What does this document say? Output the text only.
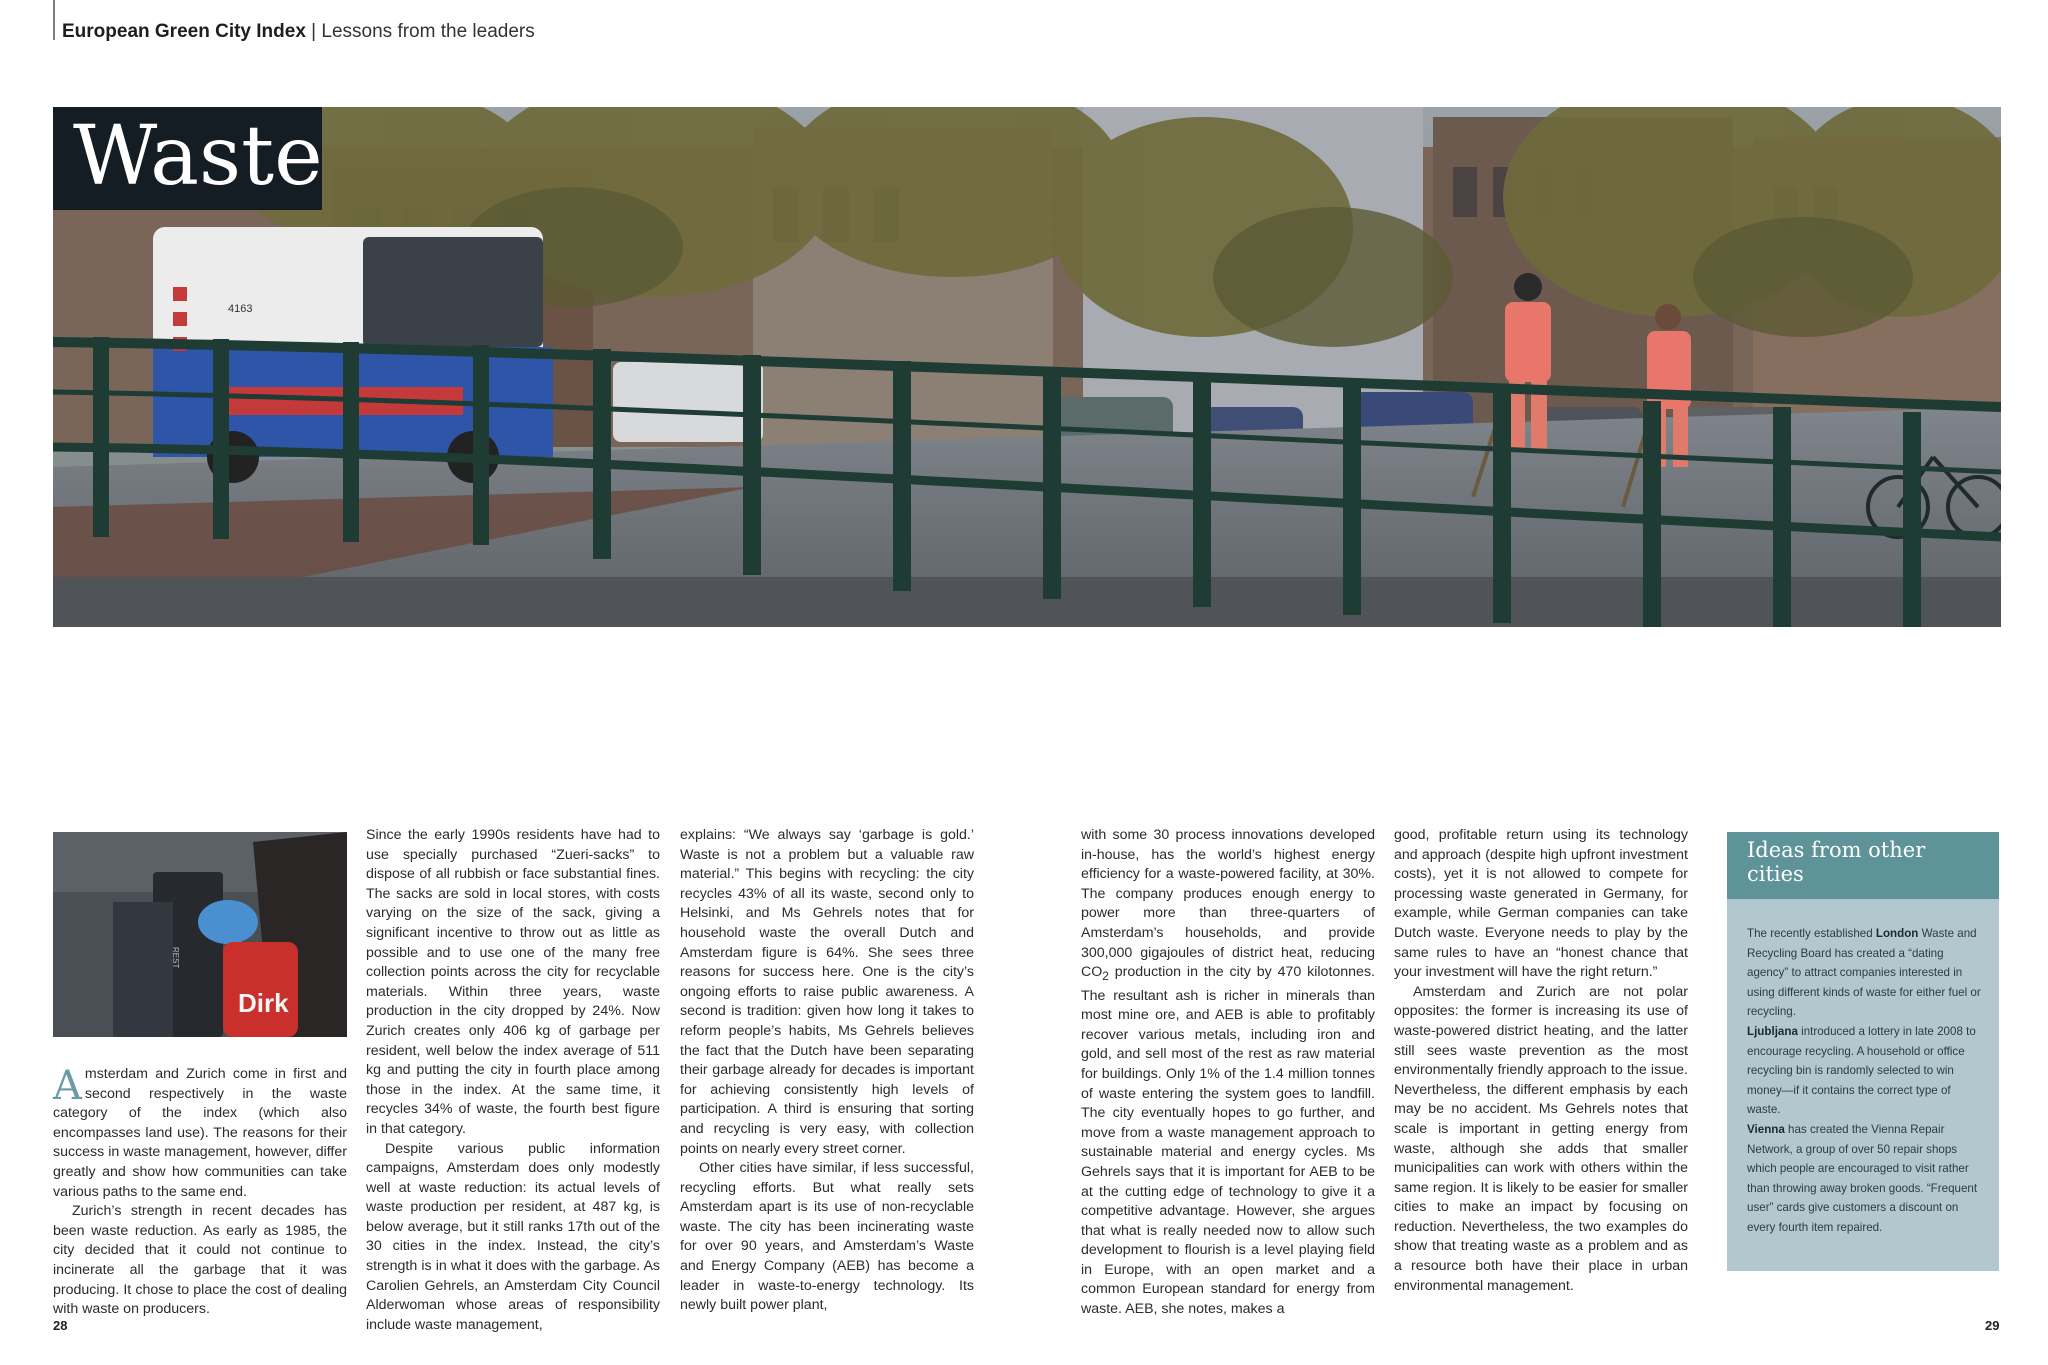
European Green City Index | Lessons from the leaders
4163
Waste
REST
Dirk

Amsterdam and Zurich come in first and second respectively in the waste category of the index (which also encompasses land use). The reasons for their success in waste management, however, differ greatly and show how communities can take various paths to the same end.

Zurich’s strength in recent decades has been waste reduction. As early as 1985, the city decided that it could not continue to incinerate all the garbage that it was producing. It chose to place the cost of dealing with waste on producers.

Since the early 1990s residents have had to use specially purchased “Zueri-sacks” to dispose of all rubbish or face substantial fines. The sacks are sold in local stores, with costs varying on the size of the sack, giving a significant incentive to throw out as little as possible and to use one of the many free collection points across the city for recyclable materials. Within three years, waste production in the city dropped by 24%. Now Zurich creates only 406 kg of garbage per resident, well below the index average of 511 kg and putting the city in fourth place among those in the index. At the same time, it recycles 34% of waste, the fourth best figure in that category.

Despite various public information campaigns, Amsterdam does only modestly well at waste reduction: its actual levels of waste production per resident, at 487 kg, is below average, but it still ranks 17th out of the 30 cities in the index. Instead, the city’s strength is in what it does with the garbage. As Carolien Gehrels, an Amsterdam City Council Alderwoman whose areas of responsibility include waste management,

explains: “We always say ‘garbage is gold.’ Waste is not a problem but a valuable raw material.” This begins with recycling: the city recycles 43% of all its waste, second only to Helsinki, and Ms Gehrels notes that for household waste the overall Dutch and Amsterdam figure is 64%. She sees three reasons for success here. One is the city’s ongoing efforts to raise public awareness. A second is tradition: given how long it takes to reform people’s habits, Ms Gehrels believes the fact that the Dutch have been separating their garbage already for decades is important for achieving consistently high levels of participation. A third is ensuring that sorting and recycling is very easy, with collection points on nearly every street corner.

Other cities have similar, if less successful, recycling efforts. But what really sets Amsterdam apart is its use of non-recyclable waste. The city has been incinerating waste for over 90 years, and Amsterdam’s Waste and Energy Company (AEB) has become a leader in waste-to-energy technology. Its newly built power plant,

with some 30 process innovations developed in-house, has the world’s highest energy efficiency for a waste-powered facility, at 30%. The company produces enough energy to power more than three-quarters of Amsterdam’s households, and provide 300,000 gigajoules of district heat, reducing $CO_2$ production in the city by 470 kilotonnes. The resultant ash is richer in minerals than most mine ore, and AEB is able to profitably recover various metals, including iron and gold, and sell most of the rest as raw material for buildings. Only 1% of the 1.4 million tonnes of waste entering the system goes to landfill. The city eventually hopes to go further, and move from a waste management approach to sustainable material and energy cycles. Ms Gehrels says that it is important for AEB to be at the cutting edge of technology to give it a competitive advantage. However, she argues that what is really needed now to allow such development to flourish is a level playing field in Europe, with an open market and a common European standard for energy from waste. AEB, she notes, makes a

good, profitable return using its technology and approach (despite high upfront investment costs), yet it is not allowed to compete for processing waste generated in Germany, for example, while German companies can take Dutch waste. Everyone needs to play by the same rules to have an “honest chance that your investment will have the right return.”

Amsterdam and Zurich are not polar opposites: the former is increasing its use of waste-powered district heating, and the latter still sees waste prevention as the most environmentally friendly approach to the issue. Nevertheless, the different emphasis by each may be no accident. Ms Gehrels notes that scale is important in getting energy from waste, although she adds that smaller municipalities can work with others within the same region. It is likely to be easier for smaller cities to make an impact by focusing on reduction. Nevertheless, the two examples do show that treating waste as a problem and as a resource both have their place in urban environmental management.

Ideas from other cities

The recently established London Waste and Recycling Board has created a “dating agency” to attract companies interested in using different kinds of waste for either fuel or recycling.

Ljubljana introduced a lottery in late 2008 to encourage recycling. A household or office recycling bin is randomly selected to win money—if it contains the correct type of waste.

Vienna has created the Vienna Repair Network, a group of over 50 repair shops which people are encouraged to visit rather than throwing away broken goods. “Frequent user” cards give customers a discount on every fourth item repaired.

28	29
